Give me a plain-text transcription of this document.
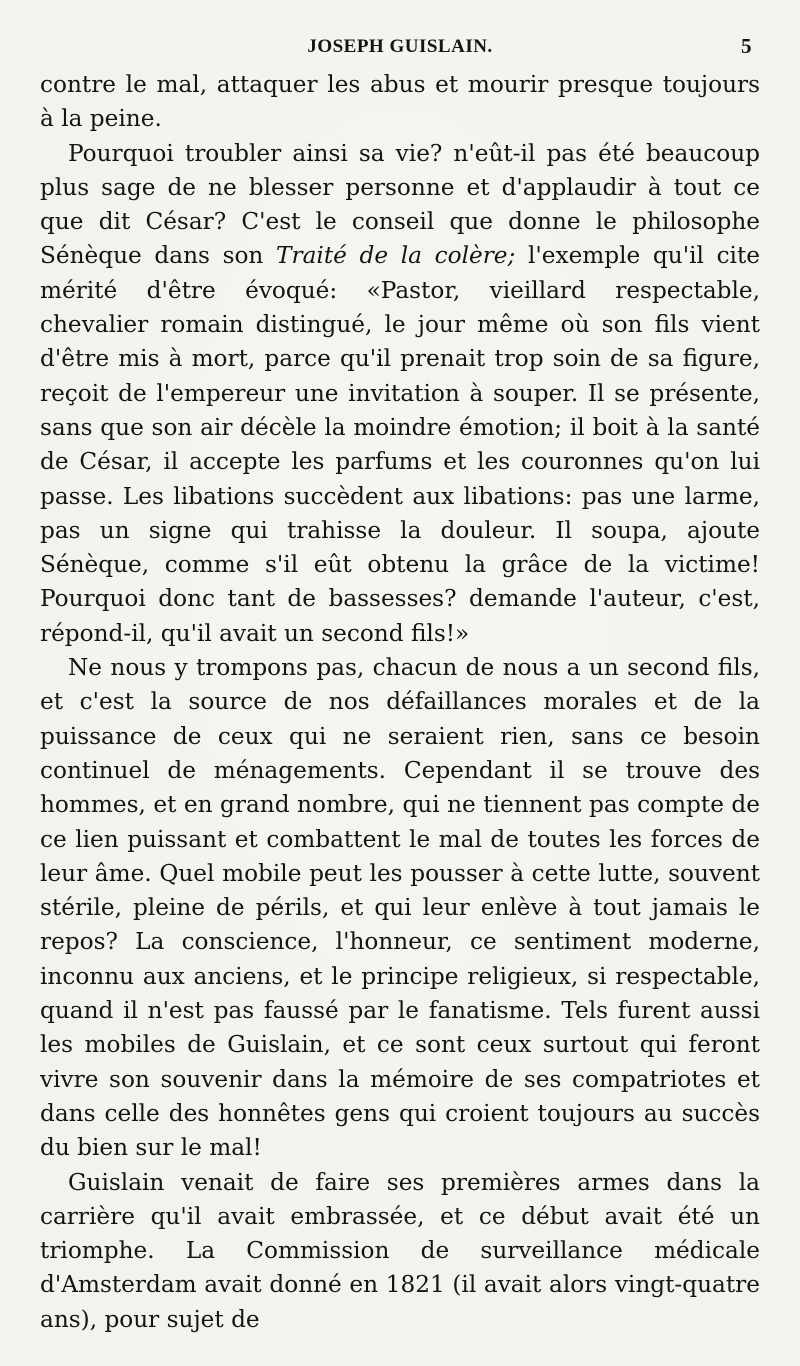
JOSEPH GUISLAIN.	5

contre le mal, attaquer les abus et mourir presque toujours à la peine.

Pourquoi troubler ainsi sa vie? n'eût-il pas été beaucoup plus sage de ne blesser personne et d'applaudir à tout ce que dit César? C'est le conseil que donne le philosophe Sénèque dans son Traité de la colère; l'exemple qu'il cite mérité d'être évoqué: «Pastor, vieillard respectable, chevalier romain distingué, le jour même où son fils vient d'être mis à mort, parce qu'il prenait trop soin de sa figure, reçoit de l'empereur une invitation à souper. Il se présente, sans que son air décèle la moindre émotion; il boit à la santé de César, il accepte les parfums et les couronnes qu'on lui passe. Les libations succèdent aux libations: pas une larme, pas un signe qui trahisse la douleur. Il soupa, ajoute Sénèque, comme s'il eût obtenu la grâce de la victime! Pourquoi donc tant de bassesses? demande l'auteur, c'est, répond-il, qu'il avait un second fils!»

Ne nous y trompons pas, chacun de nous a un second fils, et c'est la source de nos défaillances morales et de la puissance de ceux qui ne seraient rien, sans ce besoin continuel de ménagements. Cependant il se trouve des hommes, et en grand nombre, qui ne tiennent pas compte de ce lien puissant et combattent le mal de toutes les forces de leur âme. Quel mobile peut les pousser à cette lutte, souvent stérile, pleine de périls, et qui leur enlève à tout jamais le repos? La conscience, l'honneur, ce sentiment moderne, inconnu aux anciens, et le principe religieux, si respectable, quand il n'est pas faussé par le fanatisme. Tels furent aussi les mobiles de Guislain, et ce sont ceux surtout qui feront vivre son souvenir dans la mémoire de ses compatriotes et dans celle des honnêtes gens qui croient toujours au succès du bien sur le mal!

Guislain venait de faire ses premières armes dans la carrière qu'il avait embrassée, et ce début avait été un triomphe. La Commission de surveillance médicale d'Amsterdam avait donné en 1821 (il avait alors vingt-quatre ans), pour sujet de
